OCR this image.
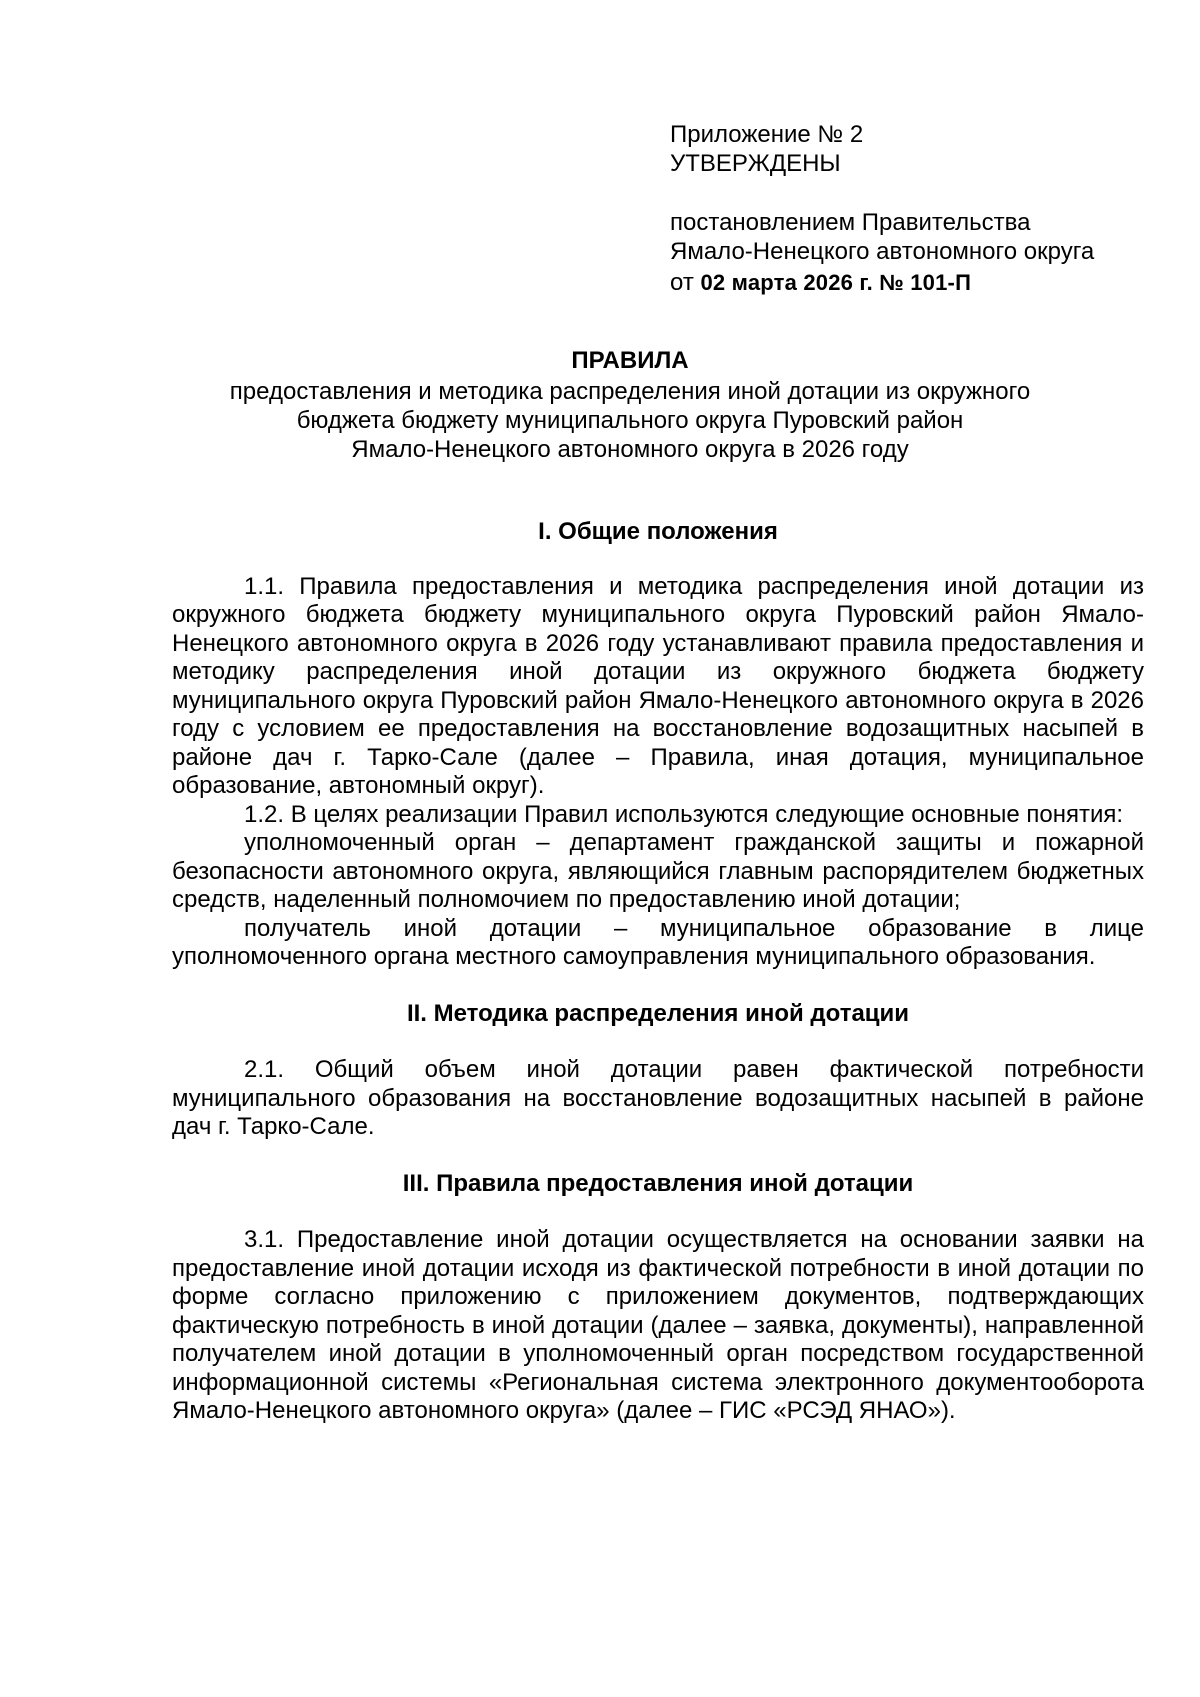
Приложение № 2
УТВЕРЖДЕНЫ
постановлением Правительства
Ямало-Ненецкого автономного округа
от 02 марта 2026 г. № 101-П
ПРАВИЛА
предоставления и методика распределения иной дотации из окружного
бюджета бюджету муниципального округа Пуровский район
Ямало-Ненецкого автономного округа в 2026 году

I. Общие положения

1.1. Правила предоставления и методика распределения иной дотации из окружного бюджета бюджету муниципального округа Пуровский район Ямало-Ненецкого автономного округа в 2026 году устанавливают правила предоставления и методику распределения иной дотации из окружного бюджета бюджету муниципального округа Пуровский район Ямало-Ненецкого автономного округа в 2026 году с условием ее предоставления на восстановление водозащитных насыпей в районе дач г. Тарко-Сале (далее – Правила, иная дотация, муниципальное образование, автономный округ).

1.2. В целях реализации Правил используются следующие основные понятия:

уполномоченный орган – департамент гражданской защиты и пожарной безопасности автономного округа, являющийся главным распорядителем бюджетных средств, наделенный полномочием по предоставлению иной дотации;

получатель иной дотации – муниципальное образование в лице уполномоченного органа местного самоуправления муниципального образования.

II. Методика распределения иной дотации

2.1. Общий объем иной дотации равен фактической потребности муниципального образования на восстановление водозащитных насыпей в районе дач г. Тарко-Сале.

III. Правила предоставления иной дотации

3.1. Предоставление иной дотации осуществляется на основании заявки на предоставление иной дотации исходя из фактической потребности в иной дотации по форме согласно приложению с приложением документов, подтверждающих фактическую потребность в иной дотации (далее – заявка, документы), направленной получателем иной дотации в уполномоченный орган посредством государственной информационной системы «Региональная система электронного документооборота Ямало-Ненецкого автономного округа» (далее – ГИС «РСЭД ЯНАО»).
